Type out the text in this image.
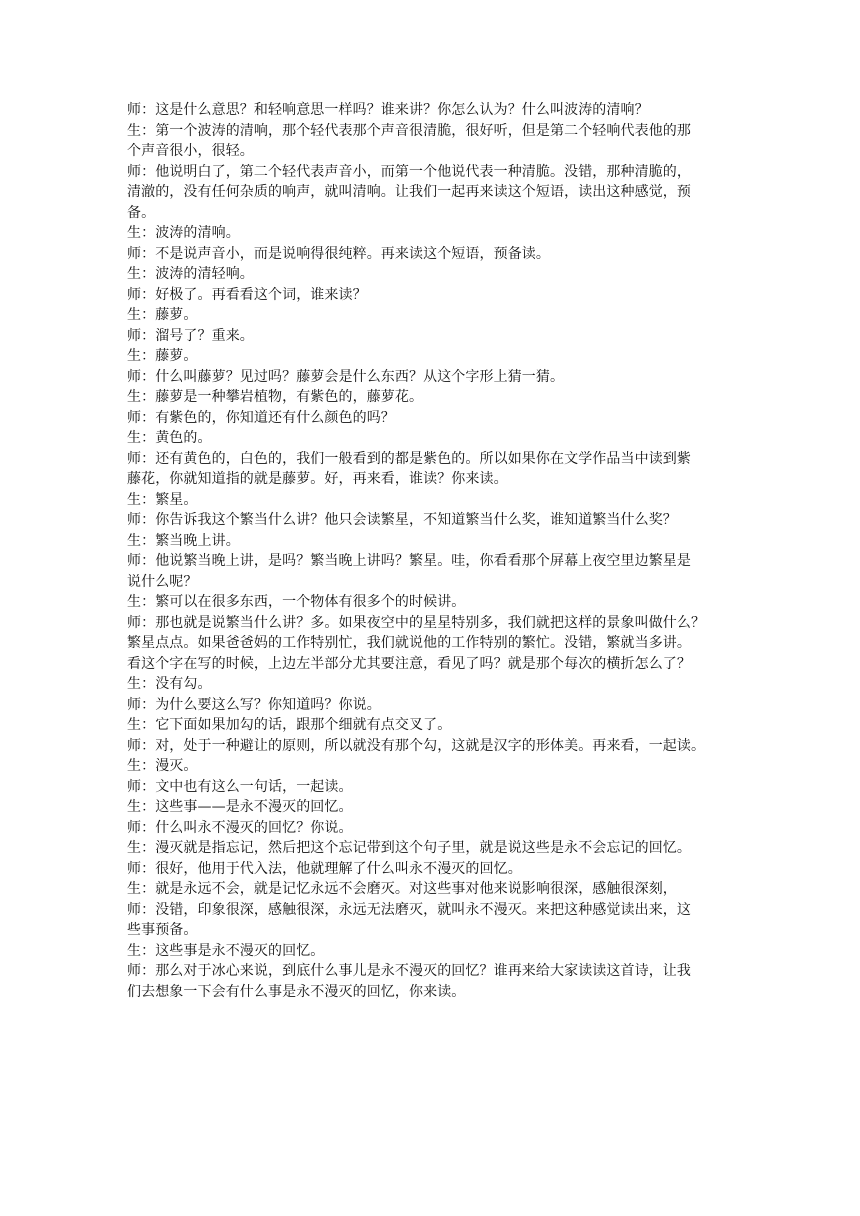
师：这是什么意思？和轻响意思一样吗？谁来讲？你怎么认为？什么叫波涛的清响？

生：第一个波涛的清响，那个轻代表那个声音很清脆，很好听，但是第二个轻响代表他的那

个声音很小，很轻。

师：他说明白了，第二个轻代表声音小，而第一个他说代表一种清脆。没错，那种清脆的，

清澈的，没有任何杂质的响声，就叫清响。让我们一起再来读这个短语，读出这种感觉，预

备。

生：波涛的清响。

师：不是说声音小，而是说响得很纯粹。再来读这个短语，预备读。

生：波涛的清轻响。

师：好极了。再看看这个词，谁来读？

生：藤萝。

师：溜号了？重来。

生：藤萝。

师：什么叫藤萝？见过吗？藤萝会是什么东西？从这个字形上猜一猜。

生：藤萝是一种攀岩植物，有紫色的，藤萝花。

师：有紫色的，你知道还有什么颜色的吗？

生：黄色的。

师：还有黄色的，白色的，我们一般看到的都是紫色的。所以如果你在文学作品当中读到紫

藤花，你就知道指的就是藤萝。好，再来看，谁读？你来读。

生：繁星。

师：你告诉我这个繁当什么讲？他只会读繁星，不知道繁当什么奖，谁知道繁当什么奖？

生：繁当晚上讲。

师：他说繁当晚上讲，是吗？繁当晚上讲吗？繁星。哇，你看看那个屏幕上夜空里边繁星是

说什么呢？

生：繁可以在很多东西，一个物体有很多个的时候讲。

师：那也就是说繁当什么讲？多。如果夜空中的星星特别多，我们就把这样的景象叫做什么？

繁星点点。如果爸爸妈的工作特别忙，我们就说他的工作特别的繁忙。没错，繁就当多讲。

看这个字在写的时候，上边左半部分尤其要注意，看见了吗？就是那个每次的横折怎么了？

生：没有勾。

师：为什么要这么写？你知道吗？你说。

生：它下面如果加勾的话，跟那个细就有点交叉了。

师：对，处于一种避让的原则，所以就没有那个勾，这就是汉字的形体美。再来看，一起读。

生：漫灭。

师：文中也有这么一句话，一起读。

生：这些事——是永不漫灭的回忆。

师：什么叫永不漫灭的回忆？你说。

生：漫灭就是指忘记，然后把这个忘记带到这个句子里，就是说这些是永不会忘记的回忆。

师：很好，他用于代入法，他就理解了什么叫永不漫灭的回忆。

生：就是永远不会，就是记忆永远不会磨灭。对这些事对他来说影响很深，感触很深刻，

师：没错，印象很深，感触很深，永远无法磨灭，就叫永不漫灭。来把这种感觉读出来，这

些事预备。

生：这些事是永不漫灭的回忆。

师：那么对于冰心来说，到底什么事儿是永不漫灭的回忆？谁再来给大家读读这首诗，让我

们去想象一下会有什么事是永不漫灭的回忆，你来读。
